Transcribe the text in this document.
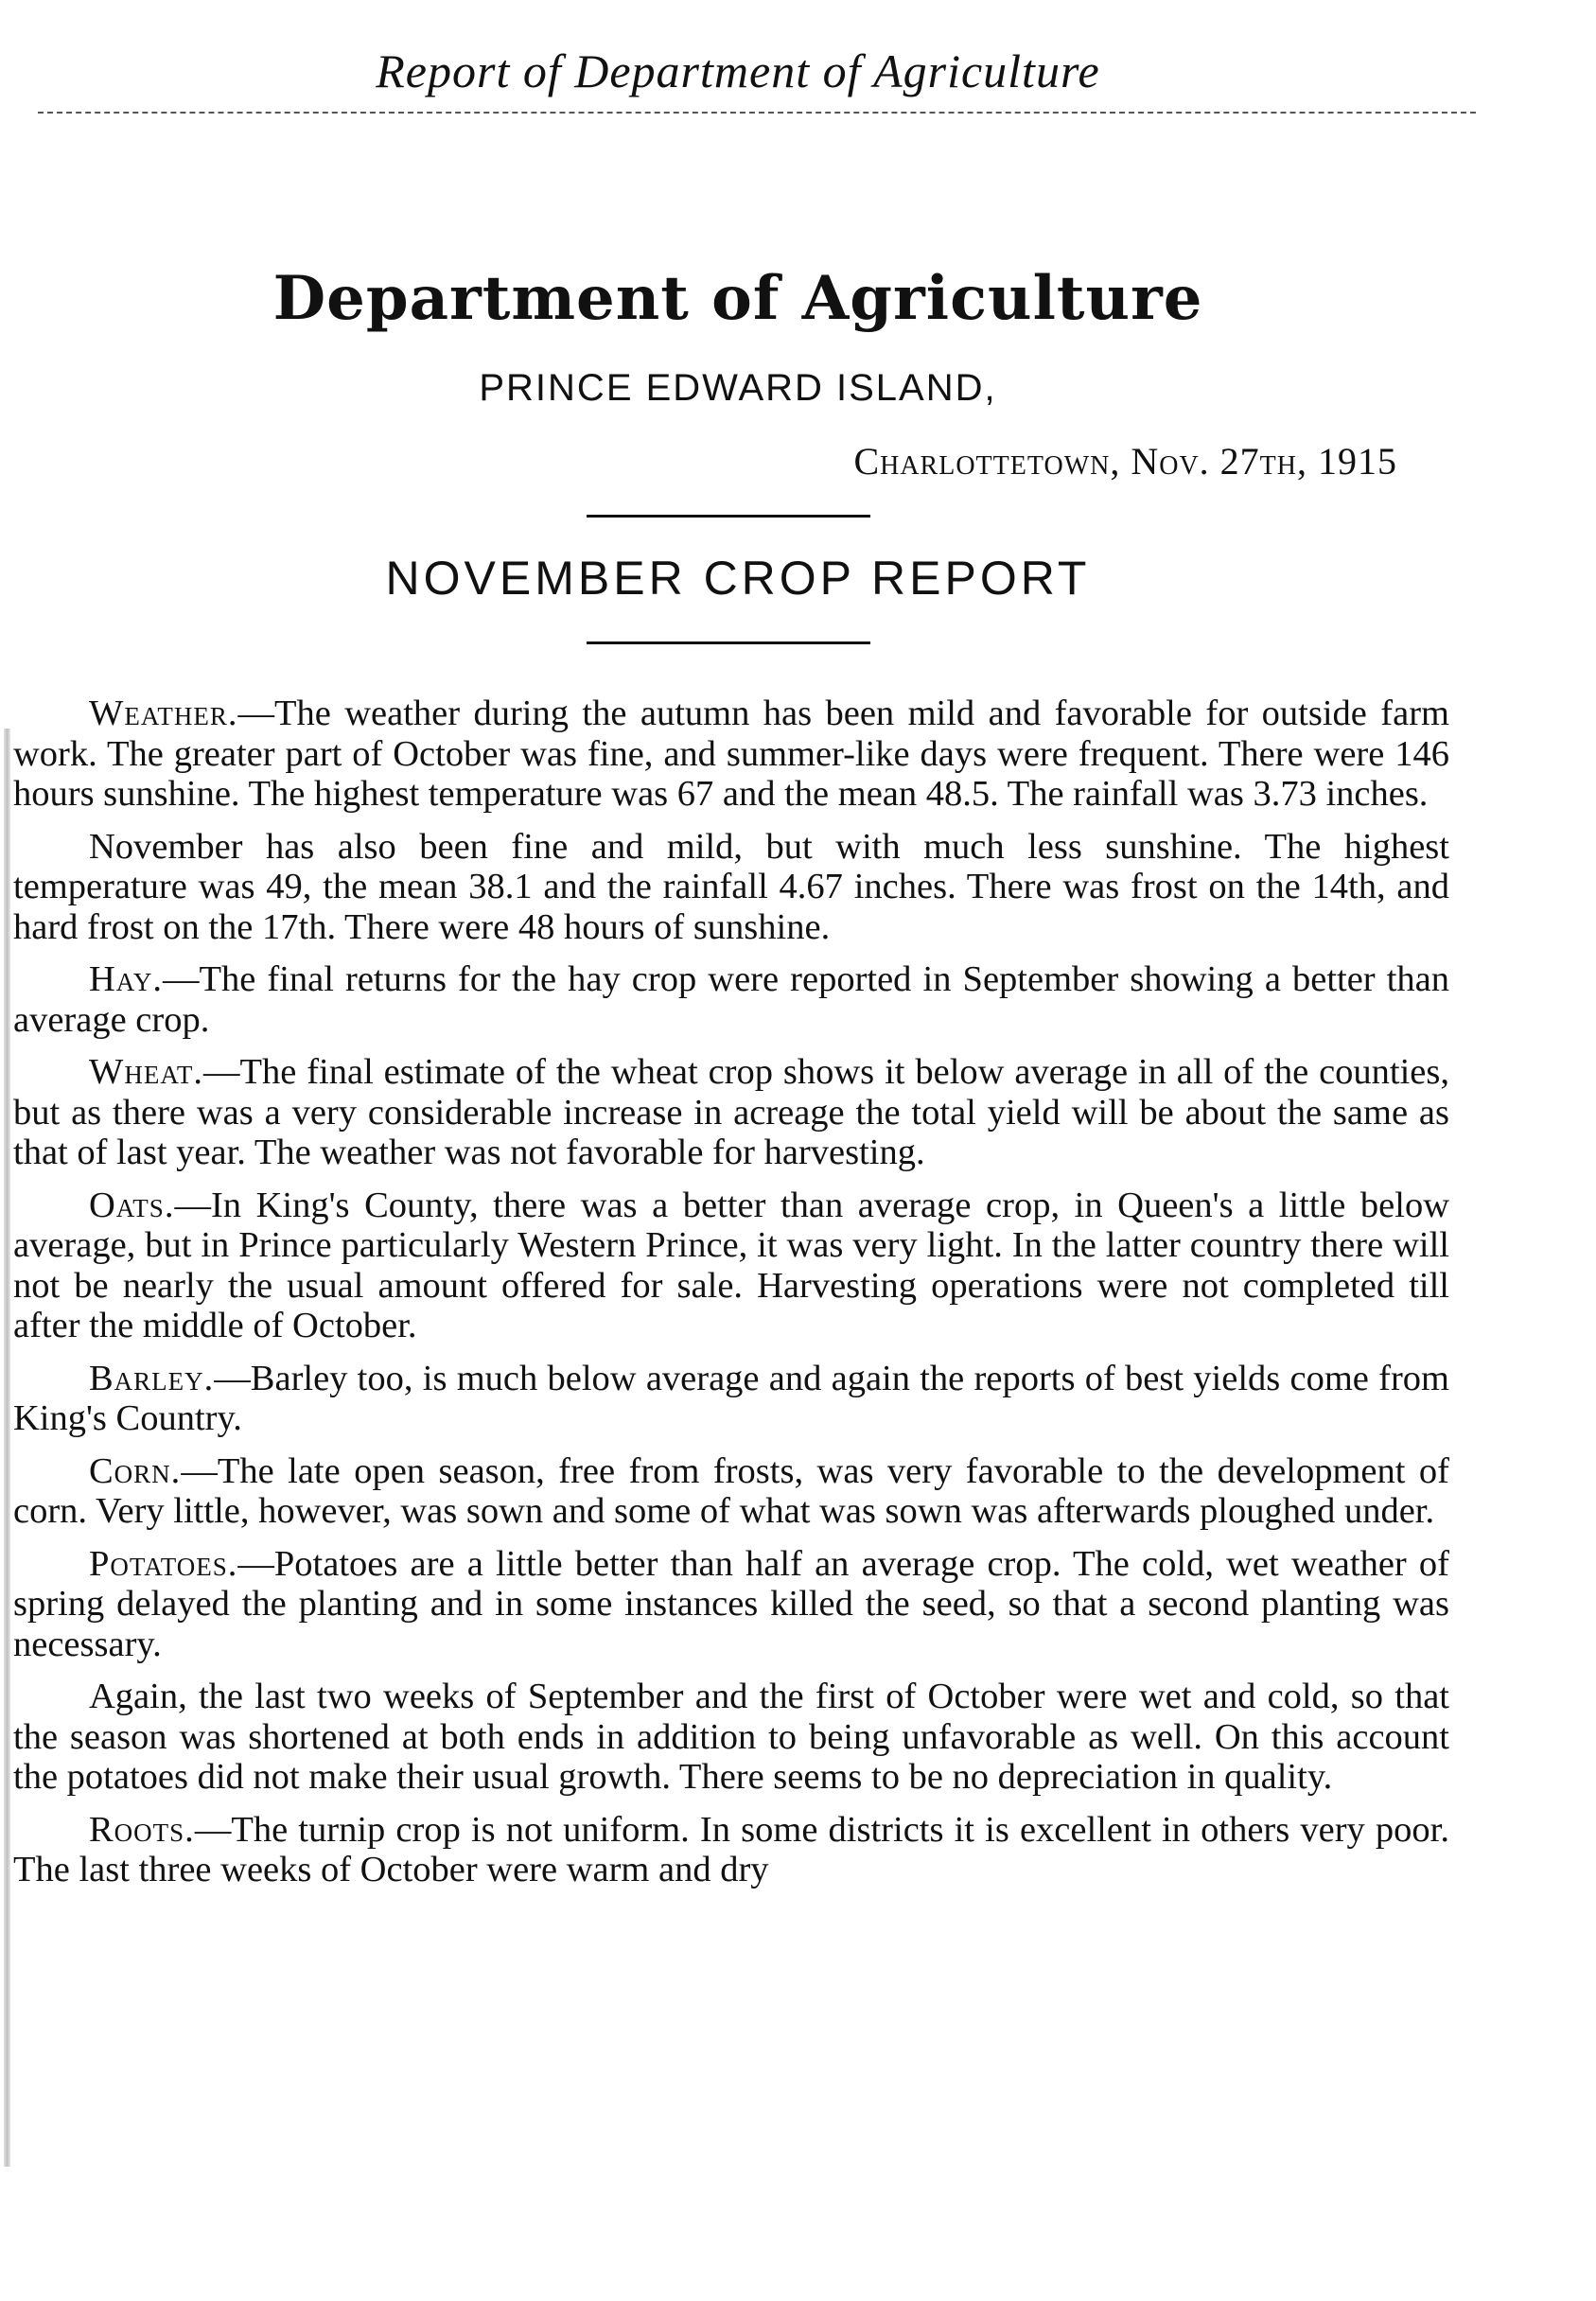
Report of Department of Agriculture
Department of Agriculture
PRINCE EDWARD ISLAND,
Charlottetown, Nov. 27th, 1915
NOVEMBER CROP REPORT

Weather.—The weather during the autumn has been mild and favorable for outside farm work. The greater part of October was fine, and summer-like days were frequent. There were 146 hours sunshine. The highest temperature was 67 and the mean 48.5. The rainfall was 3.73 inches.

November has also been fine and mild, but with much less sunshine. The highest temperature was 49, the mean 38.1 and the rainfall 4.67 inches. There was frost on the 14th, and hard frost on the 17th. There were 48 hours of sunshine.

Hay.—The final returns for the hay crop were reported in September showing a better than average crop.

Wheat.—The final estimate of the wheat crop shows it below average in all of the counties, but as there was a very considerable increase in acreage the total yield will be about the same as that of last year. The weather was not favorable for harvesting.

Oats.—In King's County, there was a better than average crop, in Queen's a little below average, but in Prince particularly Western Prince, it was very light. In the latter country there will not be nearly the usual amount offered for sale. Harvesting operations were not completed till after the middle of October.

Barley.—Barley too, is much below average and again the reports of best yields come from King's Country.

Corn.—The late open season, free from frosts, was very favorable to the development of corn. Very little, however, was sown and some of what was sown was afterwards ploughed under.

Potatoes.—Potatoes are a little better than half an average crop. The cold, wet weather of spring delayed the planting and in some instances killed the seed, so that a second planting was necessary.

Again, the last two weeks of September and the first of October were wet and cold, so that the season was shortened at both ends in addition to being unfavorable as well. On this account the potatoes did not make their usual growth. There seems to be no depreciation in quality.

Roots.—The turnip crop is not uniform. In some districts it is excellent in others very poor. The last three weeks of October were warm and dry
